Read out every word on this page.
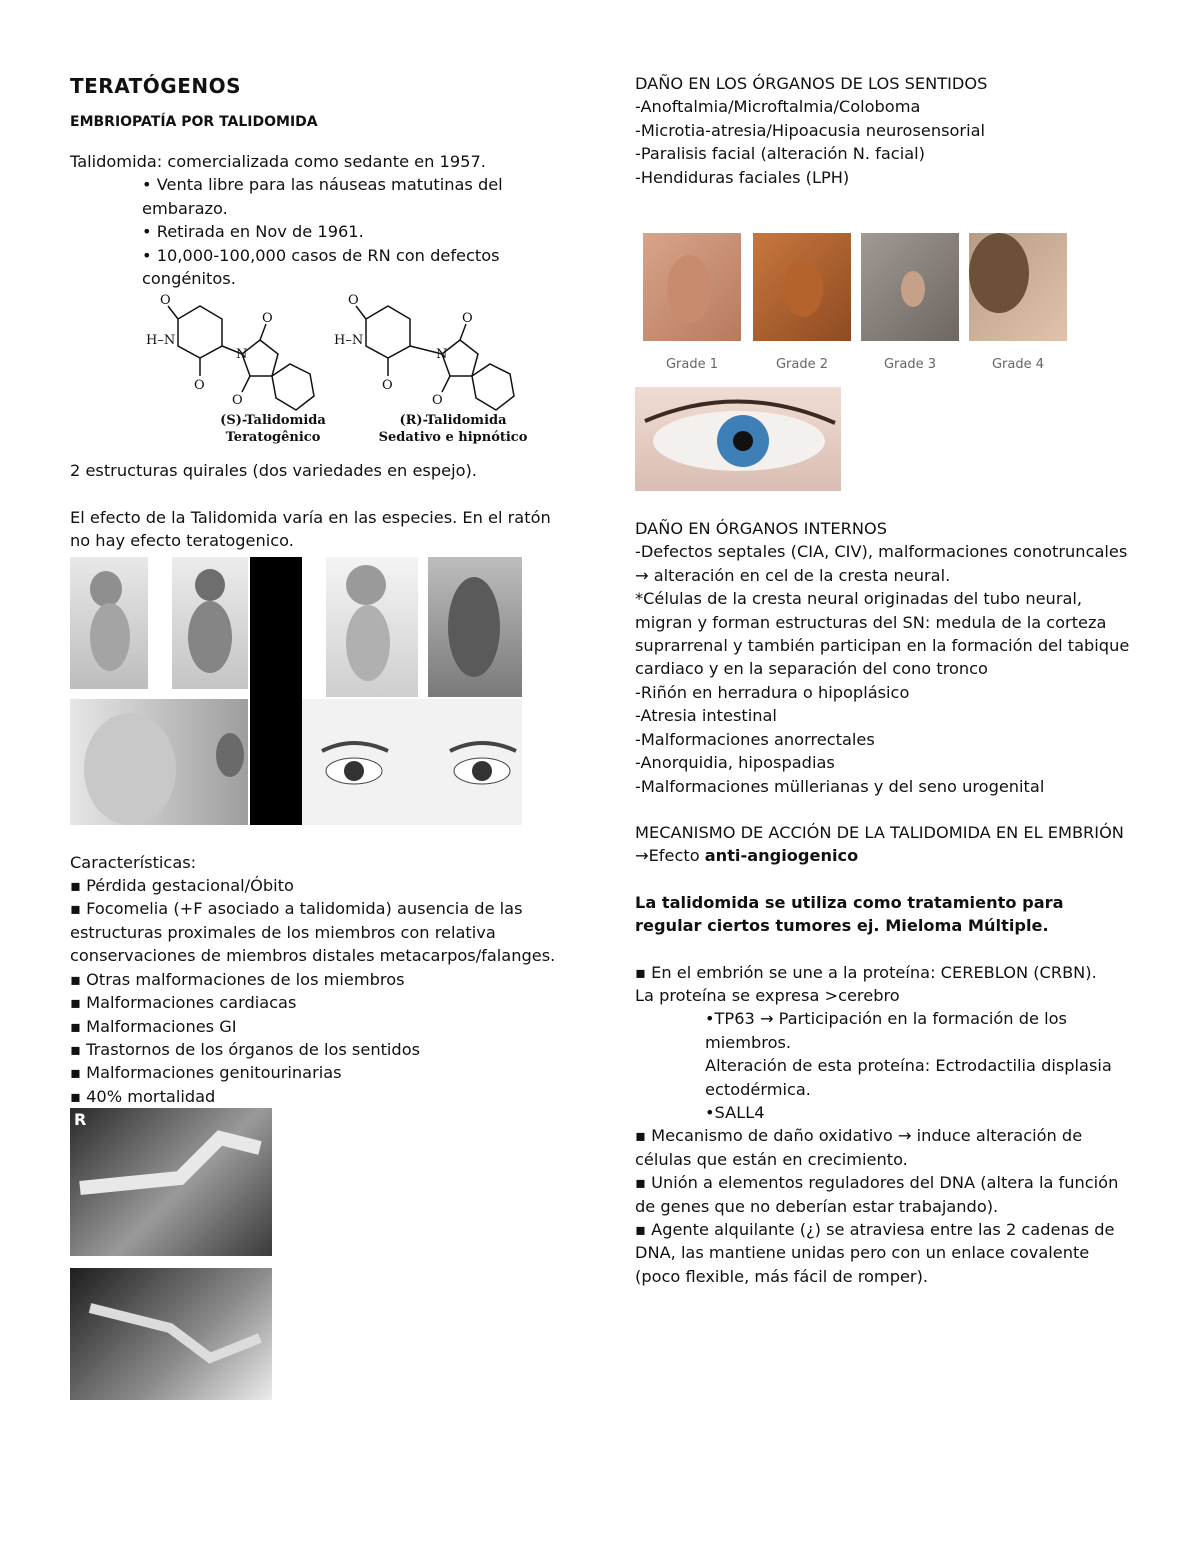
TERATÓGENOS
EMBRIOPATÍA POR TALIDOMIDA

Talidomida: comercializada como sedante en 1957.

• Venta libre para las náuseas matutinas del embarazo.

• Retirada en Nov de 1961.

• 10,000-100,000 casos de RN con defectos congénitos.

O
H–N
O
N
O
O
O
H–N
O
N
O
O
(S)-Talidomida
Teratogênico
(R)-Talidomida
Sedativo e hipnótico

2 estructuras quirales (dos variedades en espejo).

El efecto de la Talidomida varía en las especies. En el ratón no hay efecto teratogenico.

Características:

▪ Pérdida gestacional/Óbito

▪ Focomelia (+F asociado a talidomida) ausencia de las estructuras proximales de los miembros con relativa conservaciones de miembros distales metacarpos/falanges.

▪ Otras malformaciones de los miembros

▪ Malformaciones cardiacas

▪ Malformaciones GI

▪ Trastornos de los órganos de los sentidos

▪ Malformaciones genitourinarias

▪ 40% mortalidad

R

DAÑO EN LOS ÓRGANOS DE LOS SENTIDOS

-Anoftalmia/Microftalmia/Coloboma

-Microtia-atresia/Hipoacusia neurosensorial

-Paralisis facial (alteración N. facial)

-Hendiduras faciales (LPH)

Grade 1	Grade 2	Grade 3	Grade 4

DAÑO EN ÓRGANOS INTERNOS

-Defectos septales (CIA, CIV), malformaciones conotruncales → alteración en cel de la cresta neural.

*Células de la cresta neural originadas del tubo neural, migran y forman estructuras del SN: medula de la corteza suprarrenal y también participan en la formación del tabique cardiaco y en la separación del cono tronco

-Riñón en herradura o hipoplásico

-Atresia intestinal

-Malformaciones anorrectales

-Anorquidia, hipospadias

-Malformaciones müllerianas y del seno urogenital

MECANISMO DE ACCIÓN DE LA TALIDOMIDA EN EL EMBRIÓN

→Efecto anti-angiogenico

La talidomida se utiliza como tratamiento para regular ciertos tumores ej. Mieloma Múltiple.

▪ En el embrión se une a la proteína: CEREBLON (CRBN).

La proteína se expresa >cerebro

•TP63 → Participación en la formación de los miembros.

Alteración de esta proteína: Ectrodactilia displasia ectodérmica.

•SALL4

▪ Mecanismo de daño oxidativo → induce alteración de células que están en crecimiento.

▪ Unión a elementos reguladores del DNA (altera la función de genes que no deberían estar trabajando).

▪ Agente alquilante (¿) se atraviesa entre las 2 cadenas de DNA, las mantiene unidas pero con un enlace covalente (poco flexible, más fácil de romper).
